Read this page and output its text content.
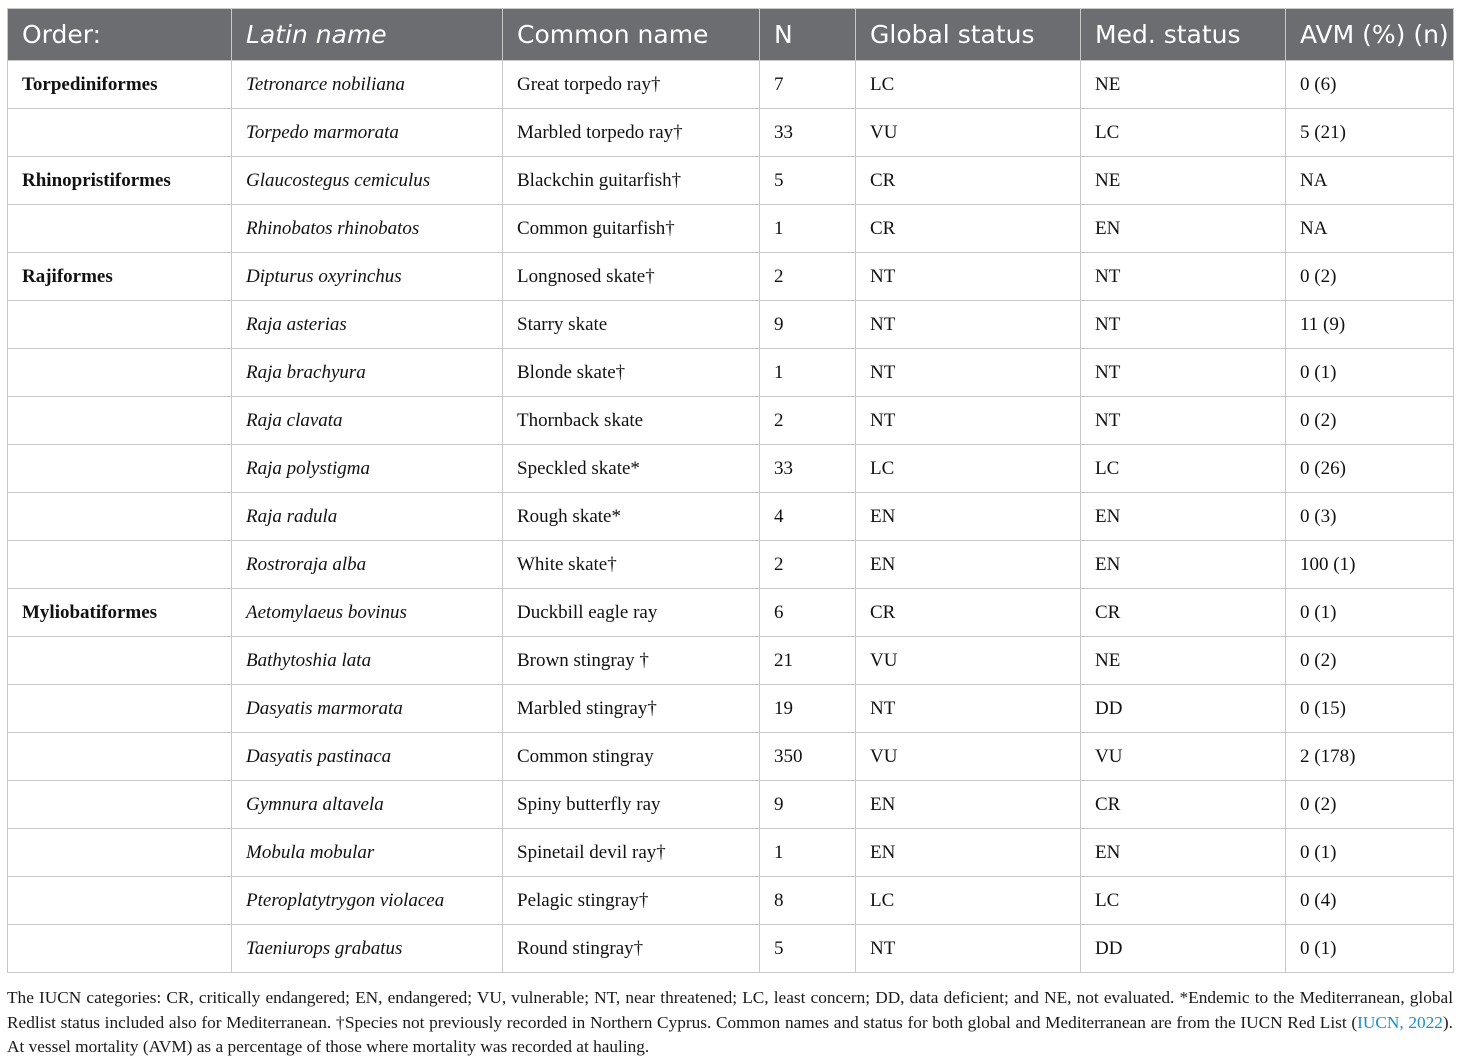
Order:	Latin name	Common name	N	Global status	Med. status	AVM (%) (n)
Torpediniformes	Tetronarce nobiliana	Great torpedo ray†	7	LC	NE	0 (6)
	Torpedo marmorata	Marbled torpedo ray†	33	VU	LC	5 (21)
Rhinopristiformes	Glaucostegus cemiculus	Blackchin guitarfish†	5	CR	NE	NA
	Rhinobatos rhinobatos	Common guitarfish†	1	CR	EN	NA
Rajiformes	Dipturus oxyrinchus	Longnosed skate†	2	NT	NT	0 (2)
	Raja asterias	Starry skate	9	NT	NT	11 (9)
	Raja brachyura	Blonde skate†	1	NT	NT	0 (1)
	Raja clavata	Thornback skate	2	NT	NT	0 (2)
	Raja polystigma	Speckled skate*	33	LC	LC	0 (26)
	Raja radula	Rough skate*	4	EN	EN	0 (3)
	Rostroraja alba	White skate†	2	EN	EN	100 (1)
Myliobatiformes	Aetomylaeus bovinus	Duckbill eagle ray	6	CR	CR	0 (1)
	Bathytoshia lata	Brown stingray †	21	VU	NE	0 (2)
	Dasyatis marmorata	Marbled stingray†	19	NT	DD	0 (15)
	Dasyatis pastinaca	Common stingray	350	VU	VU	2 (178)
	Gymnura altavela	Spiny butterfly ray	9	EN	CR	0 (2)
	Mobula mobular	Spinetail devil ray†	1	EN	EN	0 (1)
	Pteroplatytrygon violacea	Pelagic stingray†	8	LC	LC	0 (4)
	Taeniurops grabatus	Round stingray†	5	NT	DD	0 (1)
The IUCN categories: CR, critically endangered; EN, endangered; VU, vulnerable; NT, near threatened; LC, least concern; DD, data deficient; and NE, not evaluated. *Endemic to the Mediterranean, global Redlist status included also for Mediterranean. †Species not previously recorded in Northern Cyprus. Common names and status for both global and Mediterranean are from the IUCN Red List (IUCN, 2022). At vessel mortality (AVM) as a percentage of those where mortality was recorded at hauling.
